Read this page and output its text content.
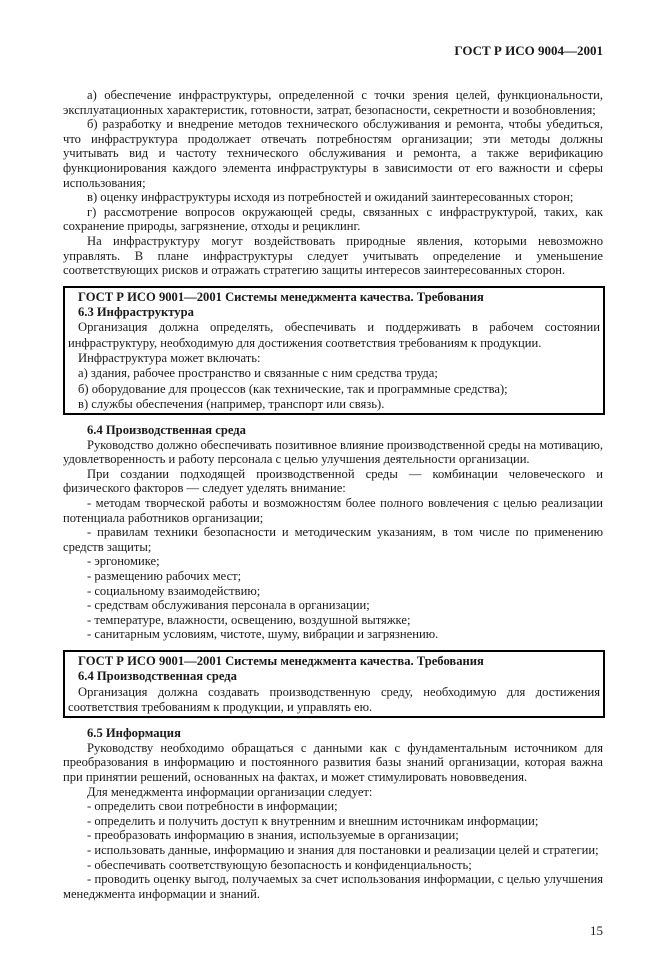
ГОСТ Р ИСО 9004—2001

а) обеспечение инфраструктуры, определенной с точки зрения целей, функциональности, эксплуатационных характеристик, готовности, затрат, безопасности, секретности и возобновления;

б) разработку и внедрение методов технического обслуживания и ремонта, чтобы убедиться, что инфраструктура продолжает отвечать потребностям организации; эти методы должны учитывать вид и частоту технического обслуживания и ремонта, а также верификацию функционирования каждого элемента инфраструктуры в зависимости от его важности и сферы использования;

в) оценку инфраструктуры исходя из потребностей и ожиданий заинтересованных сторон;

г) рассмотрение вопросов окружающей среды, связанных с инфраструктурой, таких, как сохранение природы, загрязнение, отходы и рециклинг.

На инфраструктуру могут воздействовать природные явления, которыми невозможно управлять. В плане инфраструктуры следует учитывать определение и уменьшение соответствующих рисков и отражать стратегию защиты интересов заинтересованных сторон.

ГОСТ Р ИСО 9001—2001 Системы менеджмента качества. Требования
6.3 Инфраструктура

Организация должна определять, обеспечивать и поддерживать в рабочем состоянии инфраструктуру, необходимую для достижения соответствия требованиям к продукции.

Инфраструктура может включать:

а) здания, рабочее пространство и связанные с ним средства труда;

б) оборудование для процессов (как технические, так и программные средства);

в) службы обеспечения (например, транспорт или связь).

6.4 Производственная среда

Руководство должно обеспечивать позитивное влияние производственной среды на мотивацию, удовлетворенность и работу персонала с целью улучшения деятельности организации.

При создании подходящей производственной среды — комбинации человеческого и физического факторов — следует уделять внимание:

- методам творческой работы и возможностям более полного вовлечения с целью реализации потенциала работников организации;

- правилам техники безопасности и методическим указаниям, в том числе по применению средств защиты;

- эргономике;

- размещению рабочих мест;

- социальному взаимодействию;

- средствам обслуживания персонала в организации;

- температуре, влажности, освещению, воздушной вытяжке;

- санитарным условиям, чистоте, шуму, вибрации и загрязнению.

ГОСТ Р ИСО 9001—2001 Системы менеджмента качества. Требования
6.4 Производственная среда

Организация должна создавать производственную среду, необходимую для достижения соответствия требованиям к продукции, и управлять ею.

6.5 Информация

Руководству необходимо обращаться с данными как с фундаментальным источником для преобразования в информацию и постоянного развития базы знаний организации, которая важна при принятии решений, основанных на фактах, и может стимулировать нововведения.

Для менеджмента информации организации следует:

- определить свои потребности в информации;

- определить и получить доступ к внутренним и внешним источникам информации;

- преобразовать информацию в знания, используемые в организации;

- использовать данные, информацию и знания для постановки и реализации целей и стратегии;

- обеспечивать соответствующую безопасность и конфиденциальность;

- проводить оценку выгод, получаемых за счет использования информации, с целью улучшения менеджмента информации и знаний.

15
